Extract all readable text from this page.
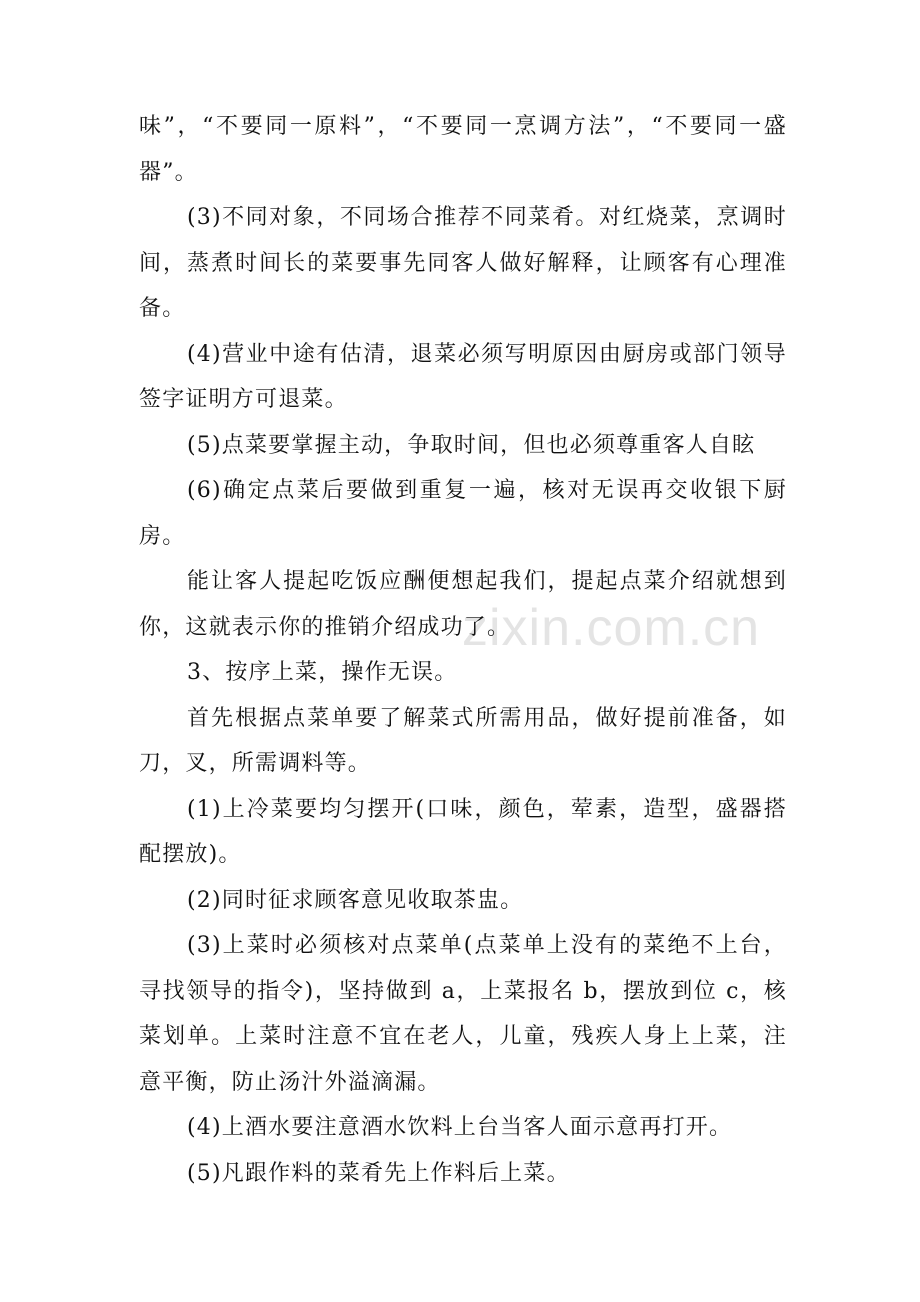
zixin.com.cn

味”，“不要同一原料”，“不要同一烹调方法”，“不要同一盛器”。

(3)不同对象，不同场合推荐不同菜肴。对红烧菜，烹调时间，蒸煮时间长的菜要事先同客人做好解释，让顾客有心理准备。

(4)营业中途有估清，退菜必须写明原因由厨房或部门领导签字证明方可退菜。

(5)点菜要掌握主动，争取时间，但也必须尊重客人自眩

(6)确定点菜后要做到重复一遍，核对无误再交收银下厨房。

能让客人提起吃饭应酬便想起我们，提起点菜介绍就想到你，这就表示你的推销介绍成功了。

3、按序上菜，操作无误。

首先根据点菜单要了解菜式所需用品，做好提前准备，如刀，叉，所需调料等。

(1)上冷菜要均匀摆开(口味，颜色，荤素，造型，盛器搭配摆放)。

(2)同时征求顾客意见收取茶盅。

(3)上菜时必须核对点菜单(点菜单上没有的菜绝不上台，寻找领导的指令)，坚持做到 a，上菜报名 b，摆放到位 c，核菜划单。上菜时注意不宜在老人，儿童，残疾人身上上菜，注意平衡，防止汤汁外溢滴漏。

(4)上酒水要注意酒水饮料上台当客人面示意再打开。

(5)凡跟作料的菜肴先上作料后上菜。
